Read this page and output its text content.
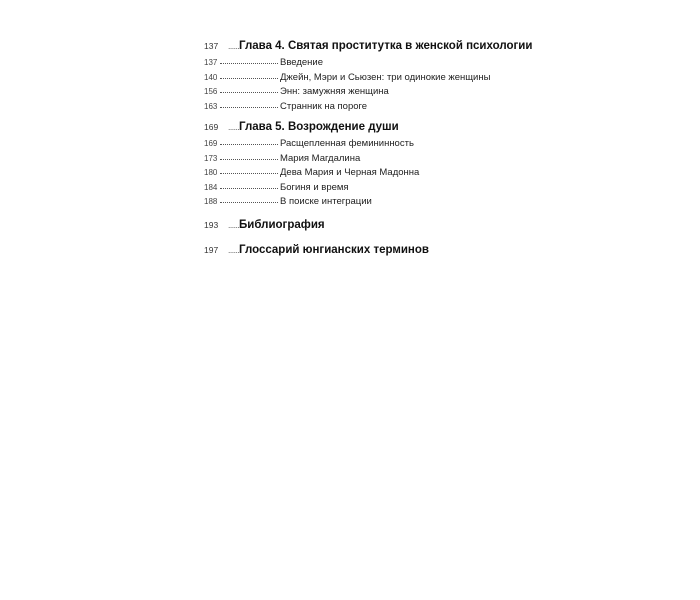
137	...... Глава 4. Святая проститутка в женской психологии
137	Введение
140	Джейн, Мэри и Сьюзен: три одинокие женщины
156	Энн: замужняя женщина
163	Странник на пороге
169	...... Глава 5. Возрождение души
169	Расщепленная фемининность
173	Мария Магдалина
180	Дева Мария и Черная Мадонна
184	Богиня и время
188	В поиске интеграции
193	...... Библиография
197	...... Глоссарий юнгианских терминов
